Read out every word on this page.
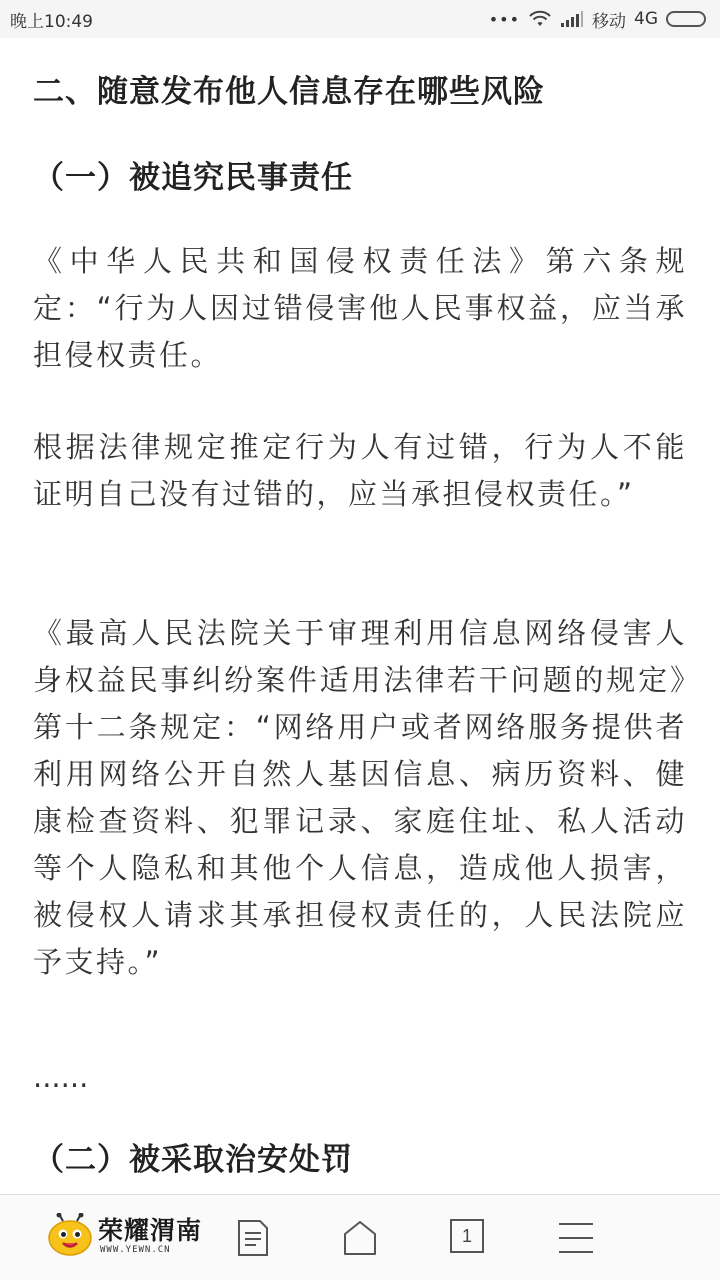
晚上10:49	•••	移动 4G
二、随意发布他人信息存在哪些风险
（一）被追究民事责任

《中华人民共和国侵权责任法》第六条规定：“行为人因过错侵害他人民事权益，应当承担侵权责任。

根据法律规定推定行为人有过错，行为人不能证明自己没有过错的，应当承担侵权责任。”

《最高人民法院关于审理利用信息网络侵害人身权益民事纠纷案件适用法律若干问题的规定》第十二条规定：“网络用户或者网络服务提供者利用网络公开自然人基因信息、病历资料、健康检查资料、犯罪记录、家庭住址、私人活动等个人隐私和其他个人信息，造成他人损害，被侵权人请求其承担侵权责任的，人民法院应予支持。”

......

（二）被采取治安处罚
荣耀渭南
WWW.YEWN.CN
1
